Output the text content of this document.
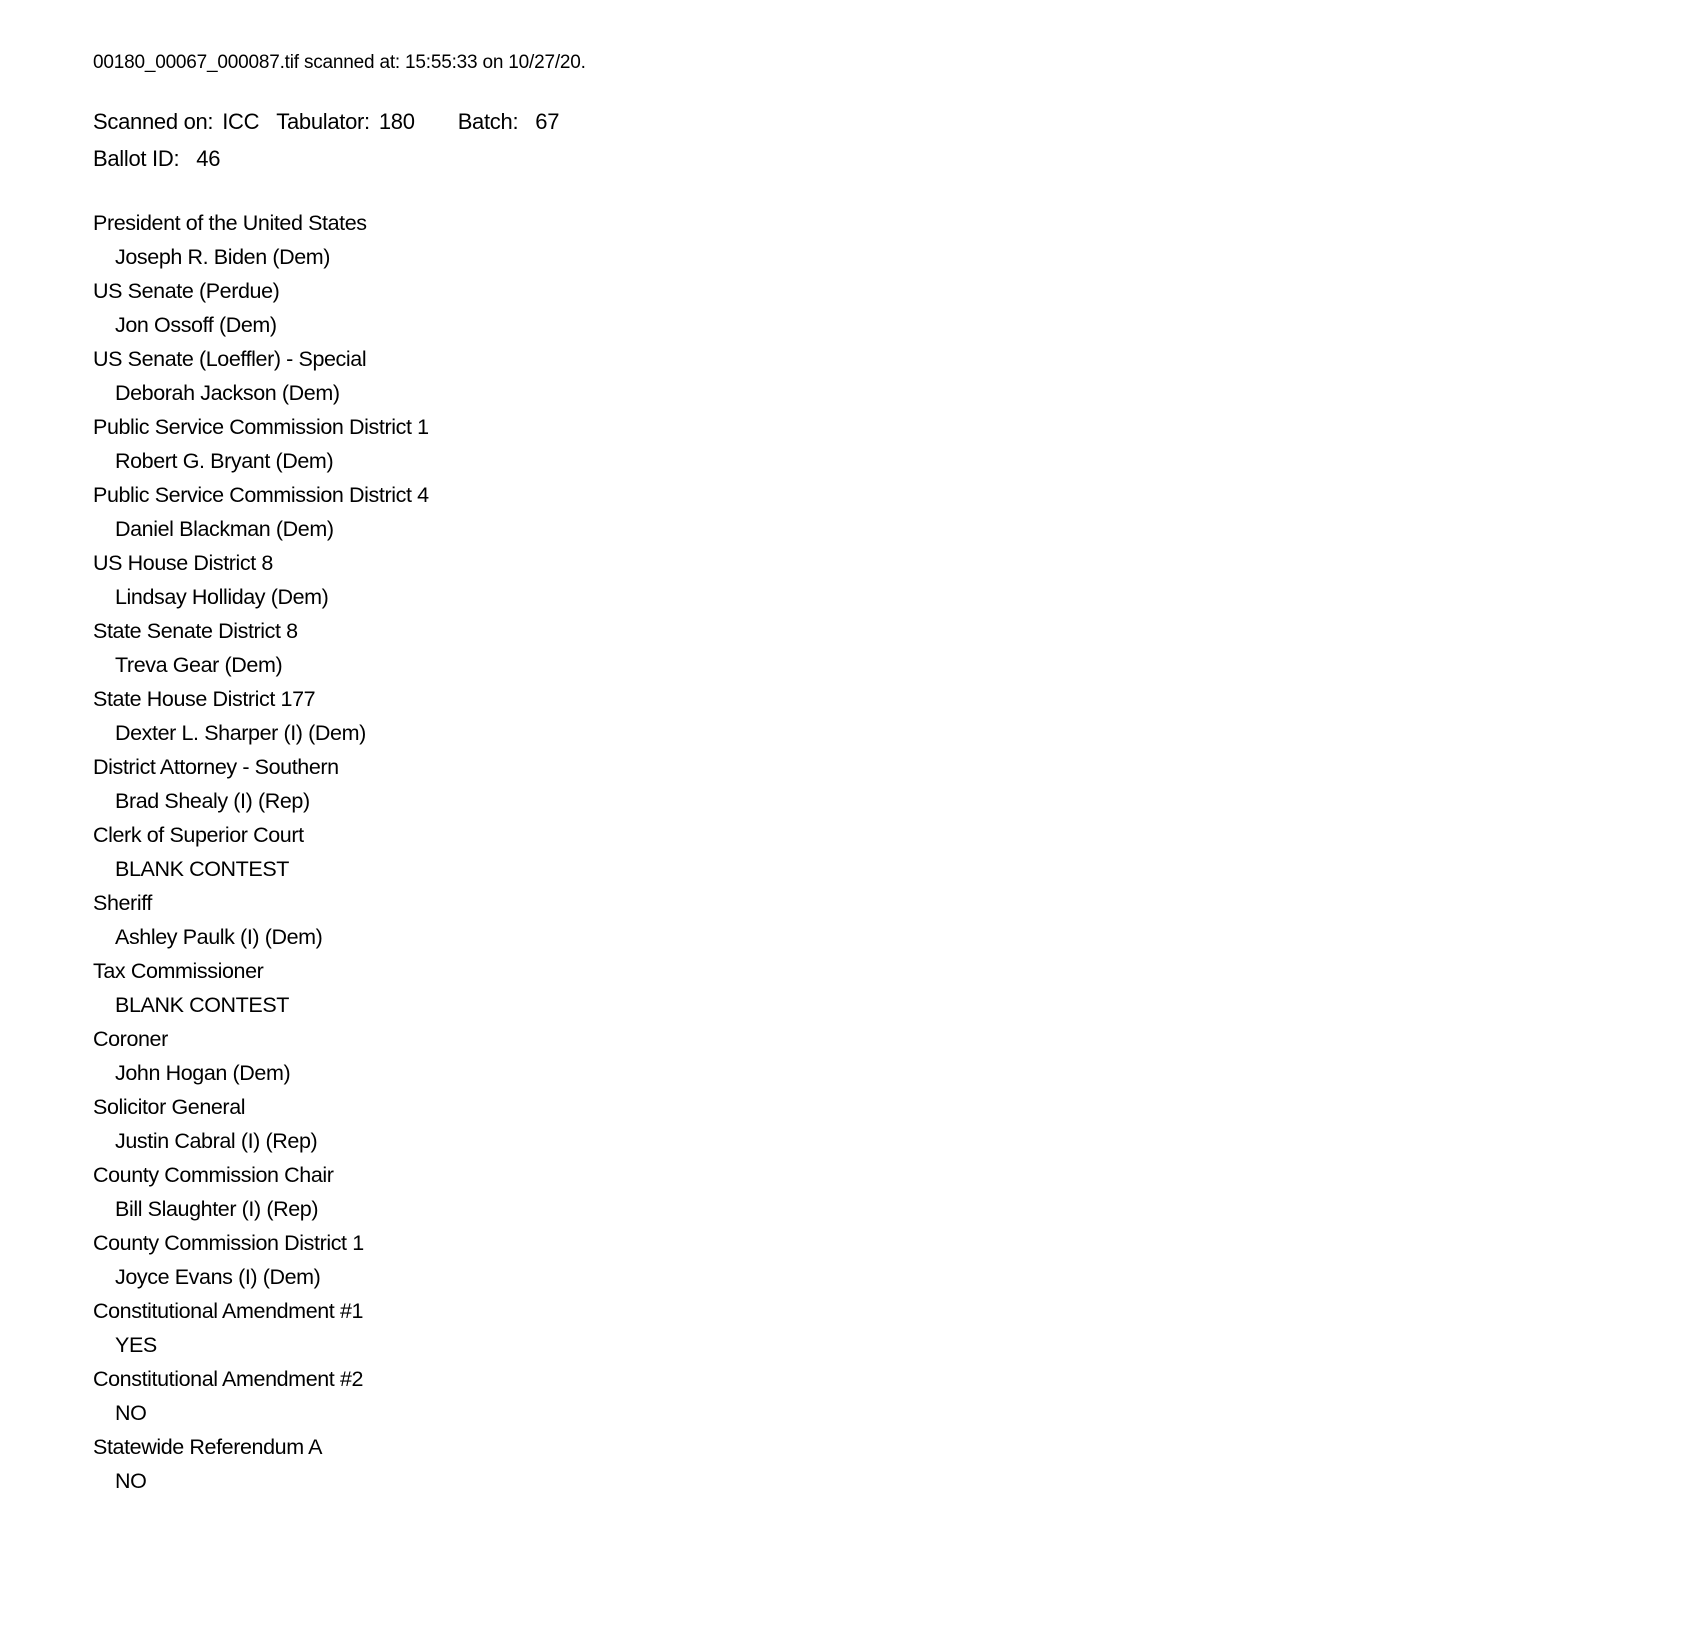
00180_00067_000087.tif scanned at: 15:55:33 on 10/27/20.
Scanned on: ICC Tabulator: 180 Batch: 67
Ballot ID: 46
President of the United States
Joseph R. Biden (Dem)
US Senate (Perdue)
Jon Ossoff (Dem)
US Senate (Loeffler) - Special
Deborah Jackson (Dem)
Public Service Commission District 1
Robert G. Bryant (Dem)
Public Service Commission District 4
Daniel Blackman (Dem)
US House District 8
Lindsay Holliday (Dem)
State Senate District 8
Treva Gear (Dem)
State House District 177
Dexter L. Sharper (I) (Dem)
District Attorney - Southern
Brad Shealy (I) (Rep)
Clerk of Superior Court
BLANK CONTEST
Sheriff
Ashley Paulk (I) (Dem)
Tax Commissioner
BLANK CONTEST
Coroner
John Hogan (Dem)
Solicitor General
Justin Cabral (I) (Rep)
County Commission Chair
Bill Slaughter (I) (Rep)
County Commission District 1
Joyce Evans (I) (Dem)
Constitutional Amendment #1
YES
Constitutional Amendment #2
NO
Statewide Referendum A
NO
